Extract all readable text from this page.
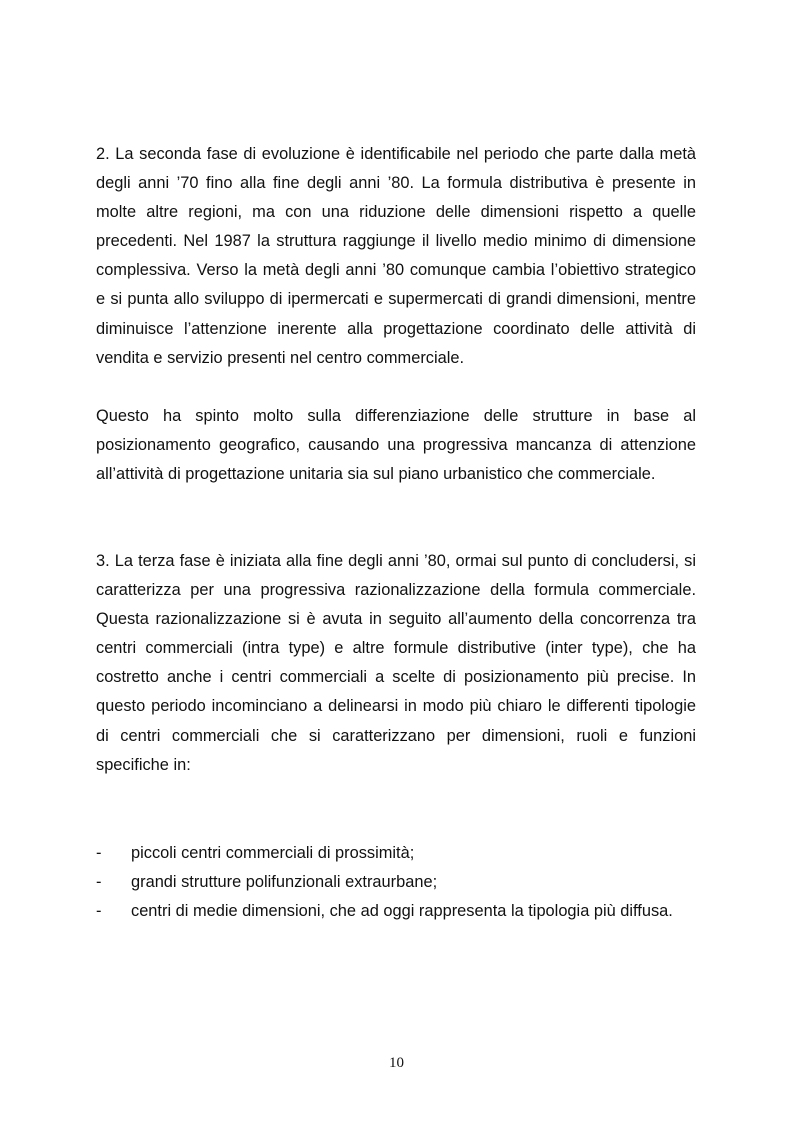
2. La seconda fase di evoluzione è identificabile nel periodo che parte dalla metà degli anni ’70 fino alla fine degli anni ’80. La formula distributiva è presente in molte altre regioni, ma con una riduzione delle dimensioni rispetto a quelle precedenti. Nel 1987 la struttura raggiunge il livello medio minimo di dimensione complessiva. Verso la metà degli anni ’80 comunque cambia l’obiettivo strategico e si punta allo sviluppo di ipermercati e supermercati di grandi dimensioni, mentre diminuisce l’attenzione inerente alla progettazione coordinato delle attività di vendita e servizio presenti nel centro commerciale.

Questo ha spinto molto sulla differenziazione delle strutture in base al posizionamento geografico, causando una progressiva mancanza di attenzione all’attività di progettazione unitaria sia sul piano urbanistico che commerciale.

3. La terza fase è iniziata alla fine degli anni ’80, ormai sul punto di concludersi, si caratterizza per una progressiva razionalizzazione della formula commerciale. Questa razionalizzazione si è avuta in seguito all’aumento della concorrenza tra centri commerciali (intra type) e altre formule distributive (inter type), che ha costretto anche i centri commerciali a scelte di posizionamento più precise. In questo periodo incominciano a delinearsi in modo più chiaro le differenti tipologie di centri commerciali che si caratterizzano per dimensioni, ruoli e funzioni specifiche in:

- piccoli centri commerciali di prossimità;
- grandi strutture polifunzionali extraurbane;
- centri di medie dimensioni, che ad oggi rappresenta la tipologia più diffusa.
10
